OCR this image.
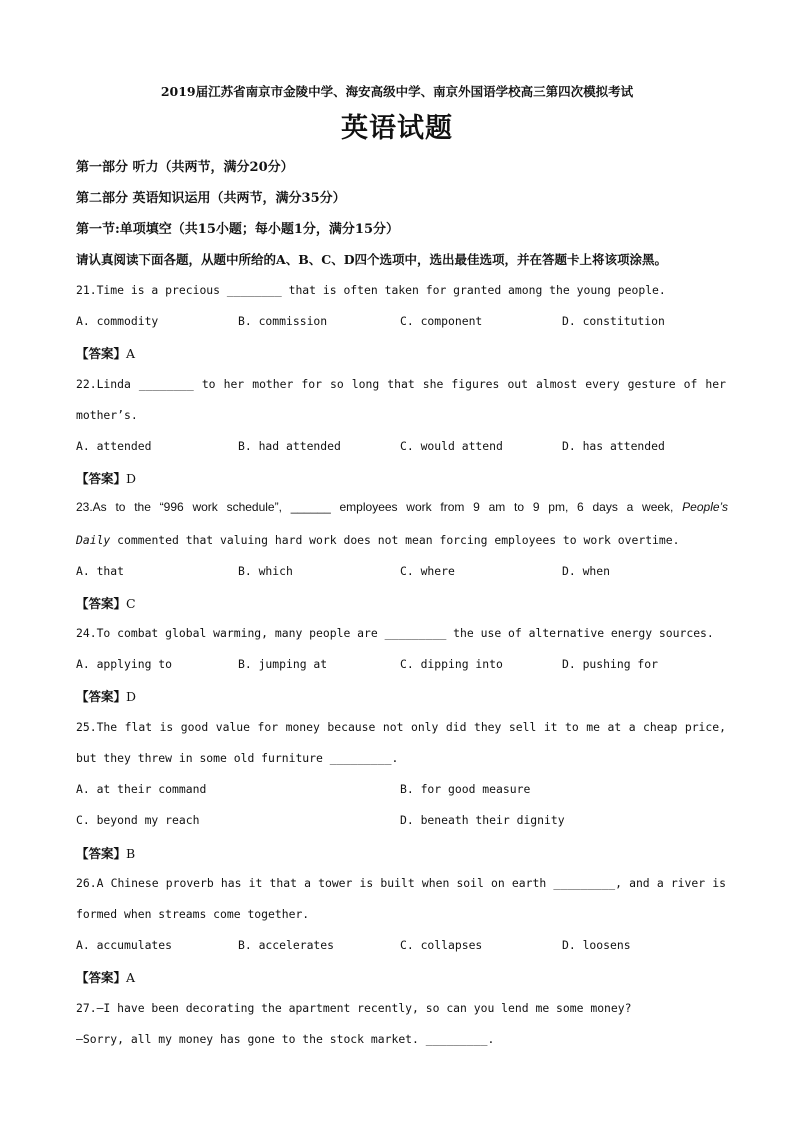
2019届江苏省南京市金陵中学、海安高级中学、南京外国语学校高三第四次模拟考试
英语试题
第一部分 听力（共两节，满分20分）
第二部分 英语知识运用（共两节，满分35分）
第一节:单项填空（共15小题；每小题1分，满分15分）
请认真阅读下面各题，从题中所给的A、B、C、D四个选项中，选出最佳选项，并在答题卡上将该项涂黑。
21.Time is a precious ________ that is often taken for granted among the young people.
A. commodity	B. commission	C. component	D. constitution
【答案】A
22.Linda ________ to her mother for so long that she figures out almost every gesture of her
mother’s.
A. attended	B. had attended	C. would attend	D. has attended
【答案】D
23.As to the “996 work schedule”, ______ employees work from 9 am to 9 pm, 6 days a week, People’s
Daily commented that valuing hard work does not mean forcing employees to work overtime.
A. that	B. which	C. where	D. when
【答案】C
24.To combat global warming, many people are _________ the use of alternative energy sources.
A. applying to	B. jumping at	C. dipping into	D. pushing for
【答案】D
25.The flat is good value for money because not only did they sell it to me at a cheap price,
but they threw in some old furniture _________.
A. at their command	B. for good measure
C. beyond my reach	D. beneath their dignity
【答案】B
26.A Chinese proverb has it that a tower is built when soil on earth _________, and a river is
formed when streams come together.
A. accumulates	B. accelerates	C. collapses	D. loosens
【答案】A
27.—I have been decorating the apartment recently, so can you lend me some money?
—Sorry, all my money has gone to the stock market. _________.
